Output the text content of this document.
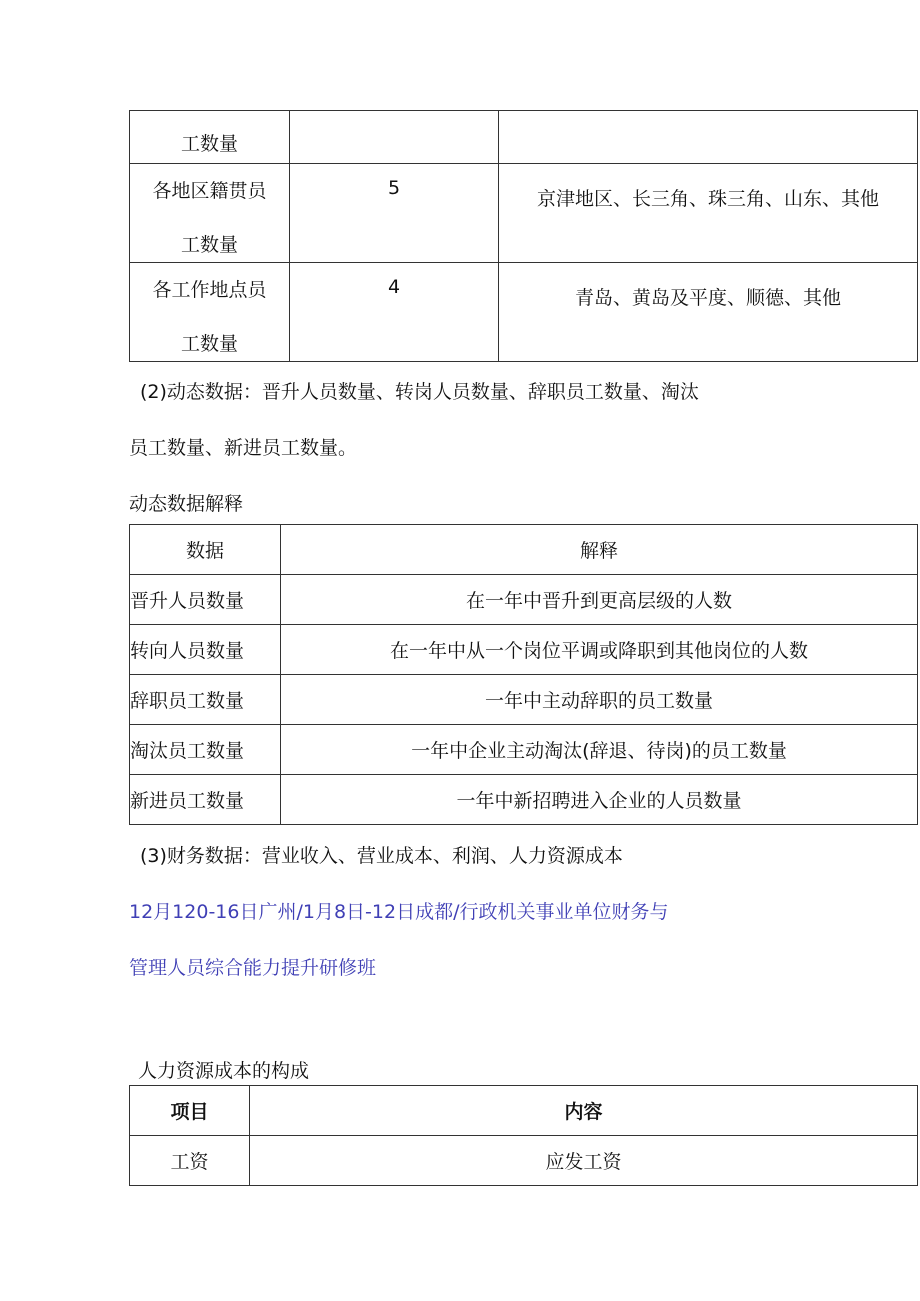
工数量		

各地区籍贯员
工数量	5	京津地区、长三角、珠三角、山东、其他

各工作地点员
工数量	4	青岛、黄岛及平度、顺德、其他
(2)动态数据：晋升人员数量、转岗人员数量、辞职员工数量、淘汰
员工数量、新进员工数量。
动态数据解释
数据	解释
晋升人员数量	在一年中晋升到更高层级的人数
转向人员数量	在一年中从一个岗位平调或降职到其他岗位的人数
辞职员工数量	一年中主动辞职的员工数量
淘汰员工数量	一年中企业主动淘汰(辞退、待岗)的员工数量
新进员工数量	一年中新招聘进入企业的人员数量
(3)财务数据：营业收入、营业成本、利润、人力资源成本
12月120-16日广州/1月8日-12日成都/行政机关事业单位财务与
管理人员综合能力提升研修班
人力资源成本的构成
项目	内容
工资	应发工资
